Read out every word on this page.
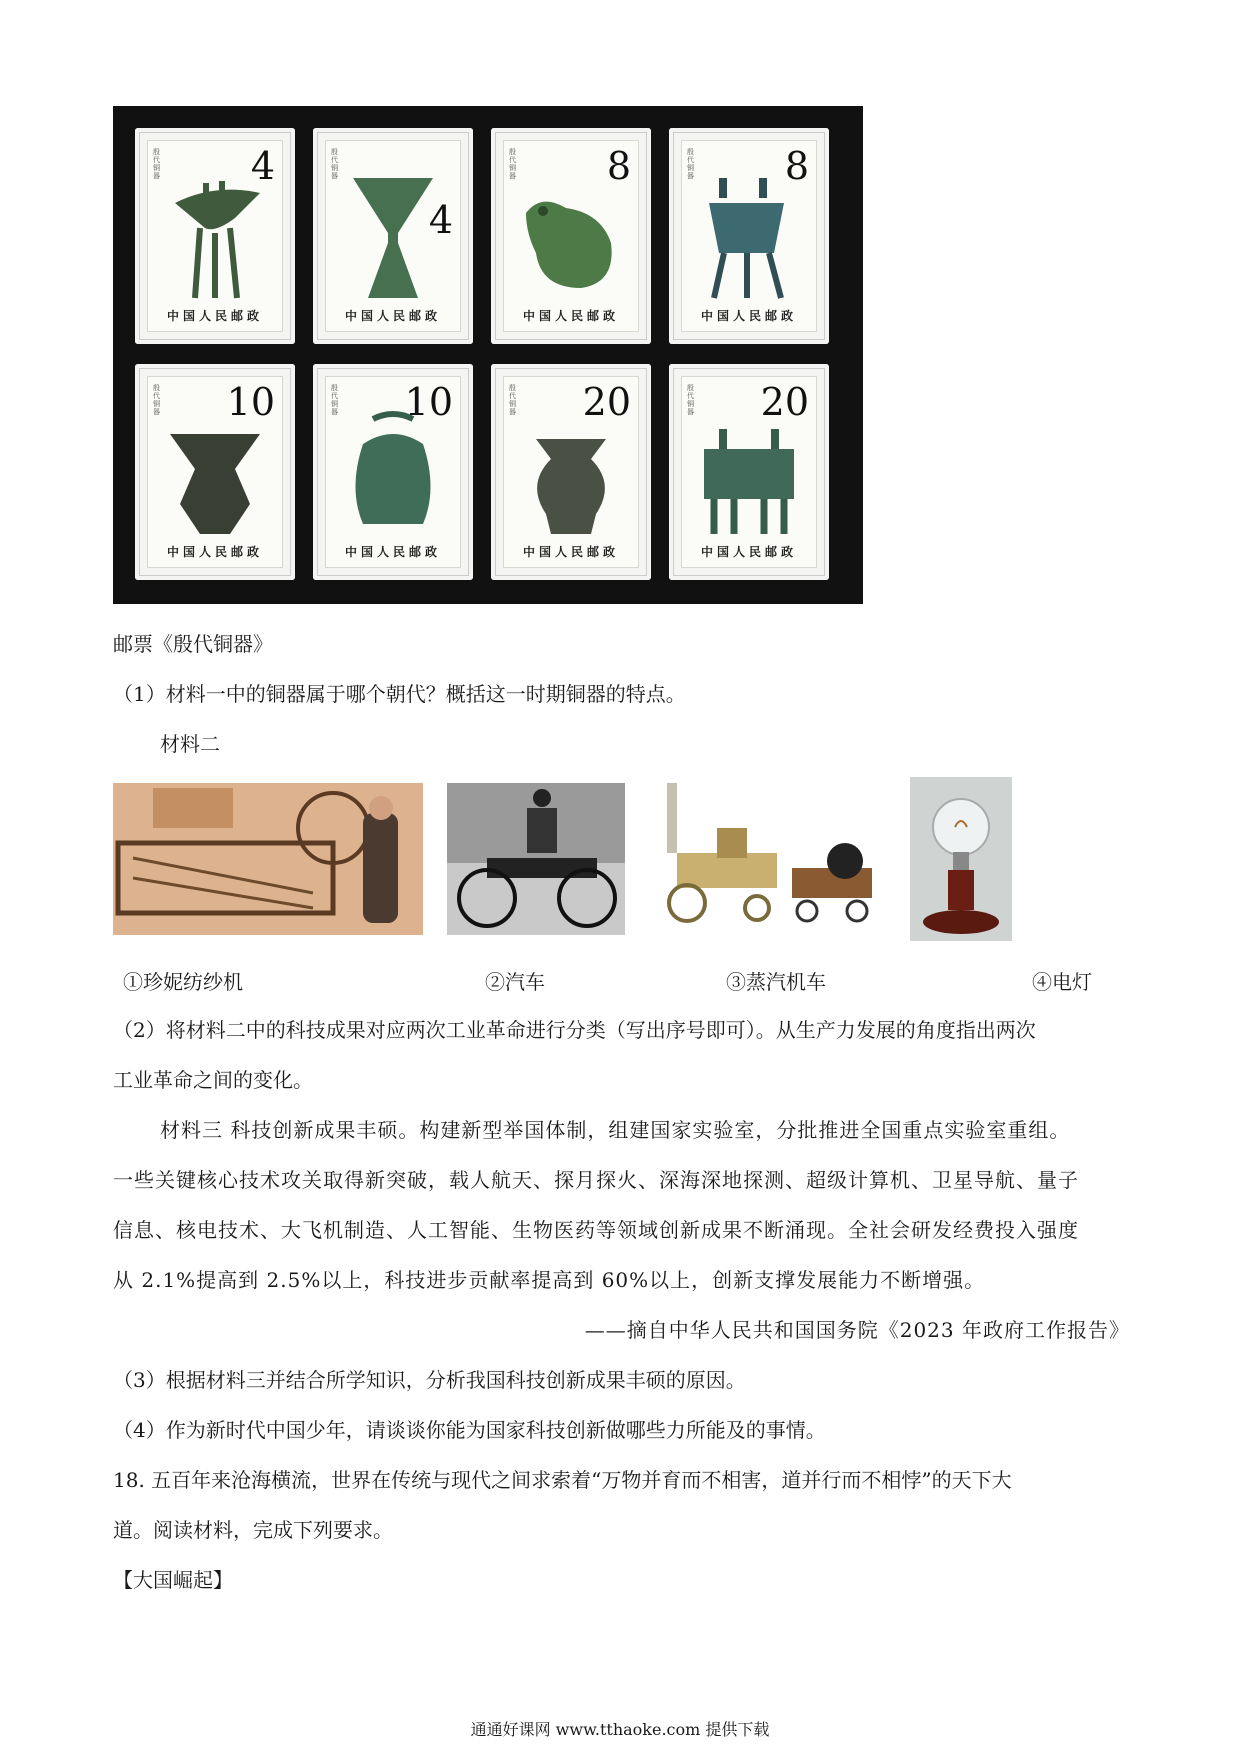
殷代铜器 4
中国人民邮政
殷代铜器
4
中国人民邮政
殷代铜器 8
中国人民邮政
殷代铜器 8
中国人民邮政
殷代铜器 10
中国人民邮政
殷代铜器 10
中国人民邮政
殷代铜器 20
中国人民邮政
殷代铜器 20
中国人民邮政
邮票《殷代铜器》
（1）材料一中的铜器属于哪个朝代？概括这一时期铜器的特点。
材料二
①珍妮纺纱机	②汽车	③蒸汽机车	④电灯
（2）将材料二中的科技成果对应两次工业革命进行分类（写出序号即可）。从生产力发展的角度指出两次
工业革命之间的变化。
材料三 科技创新成果丰硕。构建新型举国体制，组建国家实验室，分批推进全国重点实验室重组。
一些关键核心技术攻关取得新突破，载人航天、探月探火、深海深地探测、超级计算机、卫星导航、量子
信息、核电技术、大飞机制造、人工智能、生物医药等领域创新成果不断涌现。全社会研发经费投入强度
从 2.1%提高到 2.5%以上，科技进步贡献率提高到 60%以上，创新支撑发展能力不断增强。
——摘自中华人民共和国国务院《2023 年政府工作报告》
（3）根据材料三并结合所学知识，分析我国科技创新成果丰硕的原因。
（4）作为新时代中国少年，请谈谈你能为国家科技创新做哪些力所能及的事情。
18. 五百年来沧海横流，世界在传统与现代之间求索着“万物并育而不相害，道并行而不相悖”的天下大
道。阅读材料，完成下列要求。
【大国崛起】
通通好课网 www.tthaoke.com 提供下载
